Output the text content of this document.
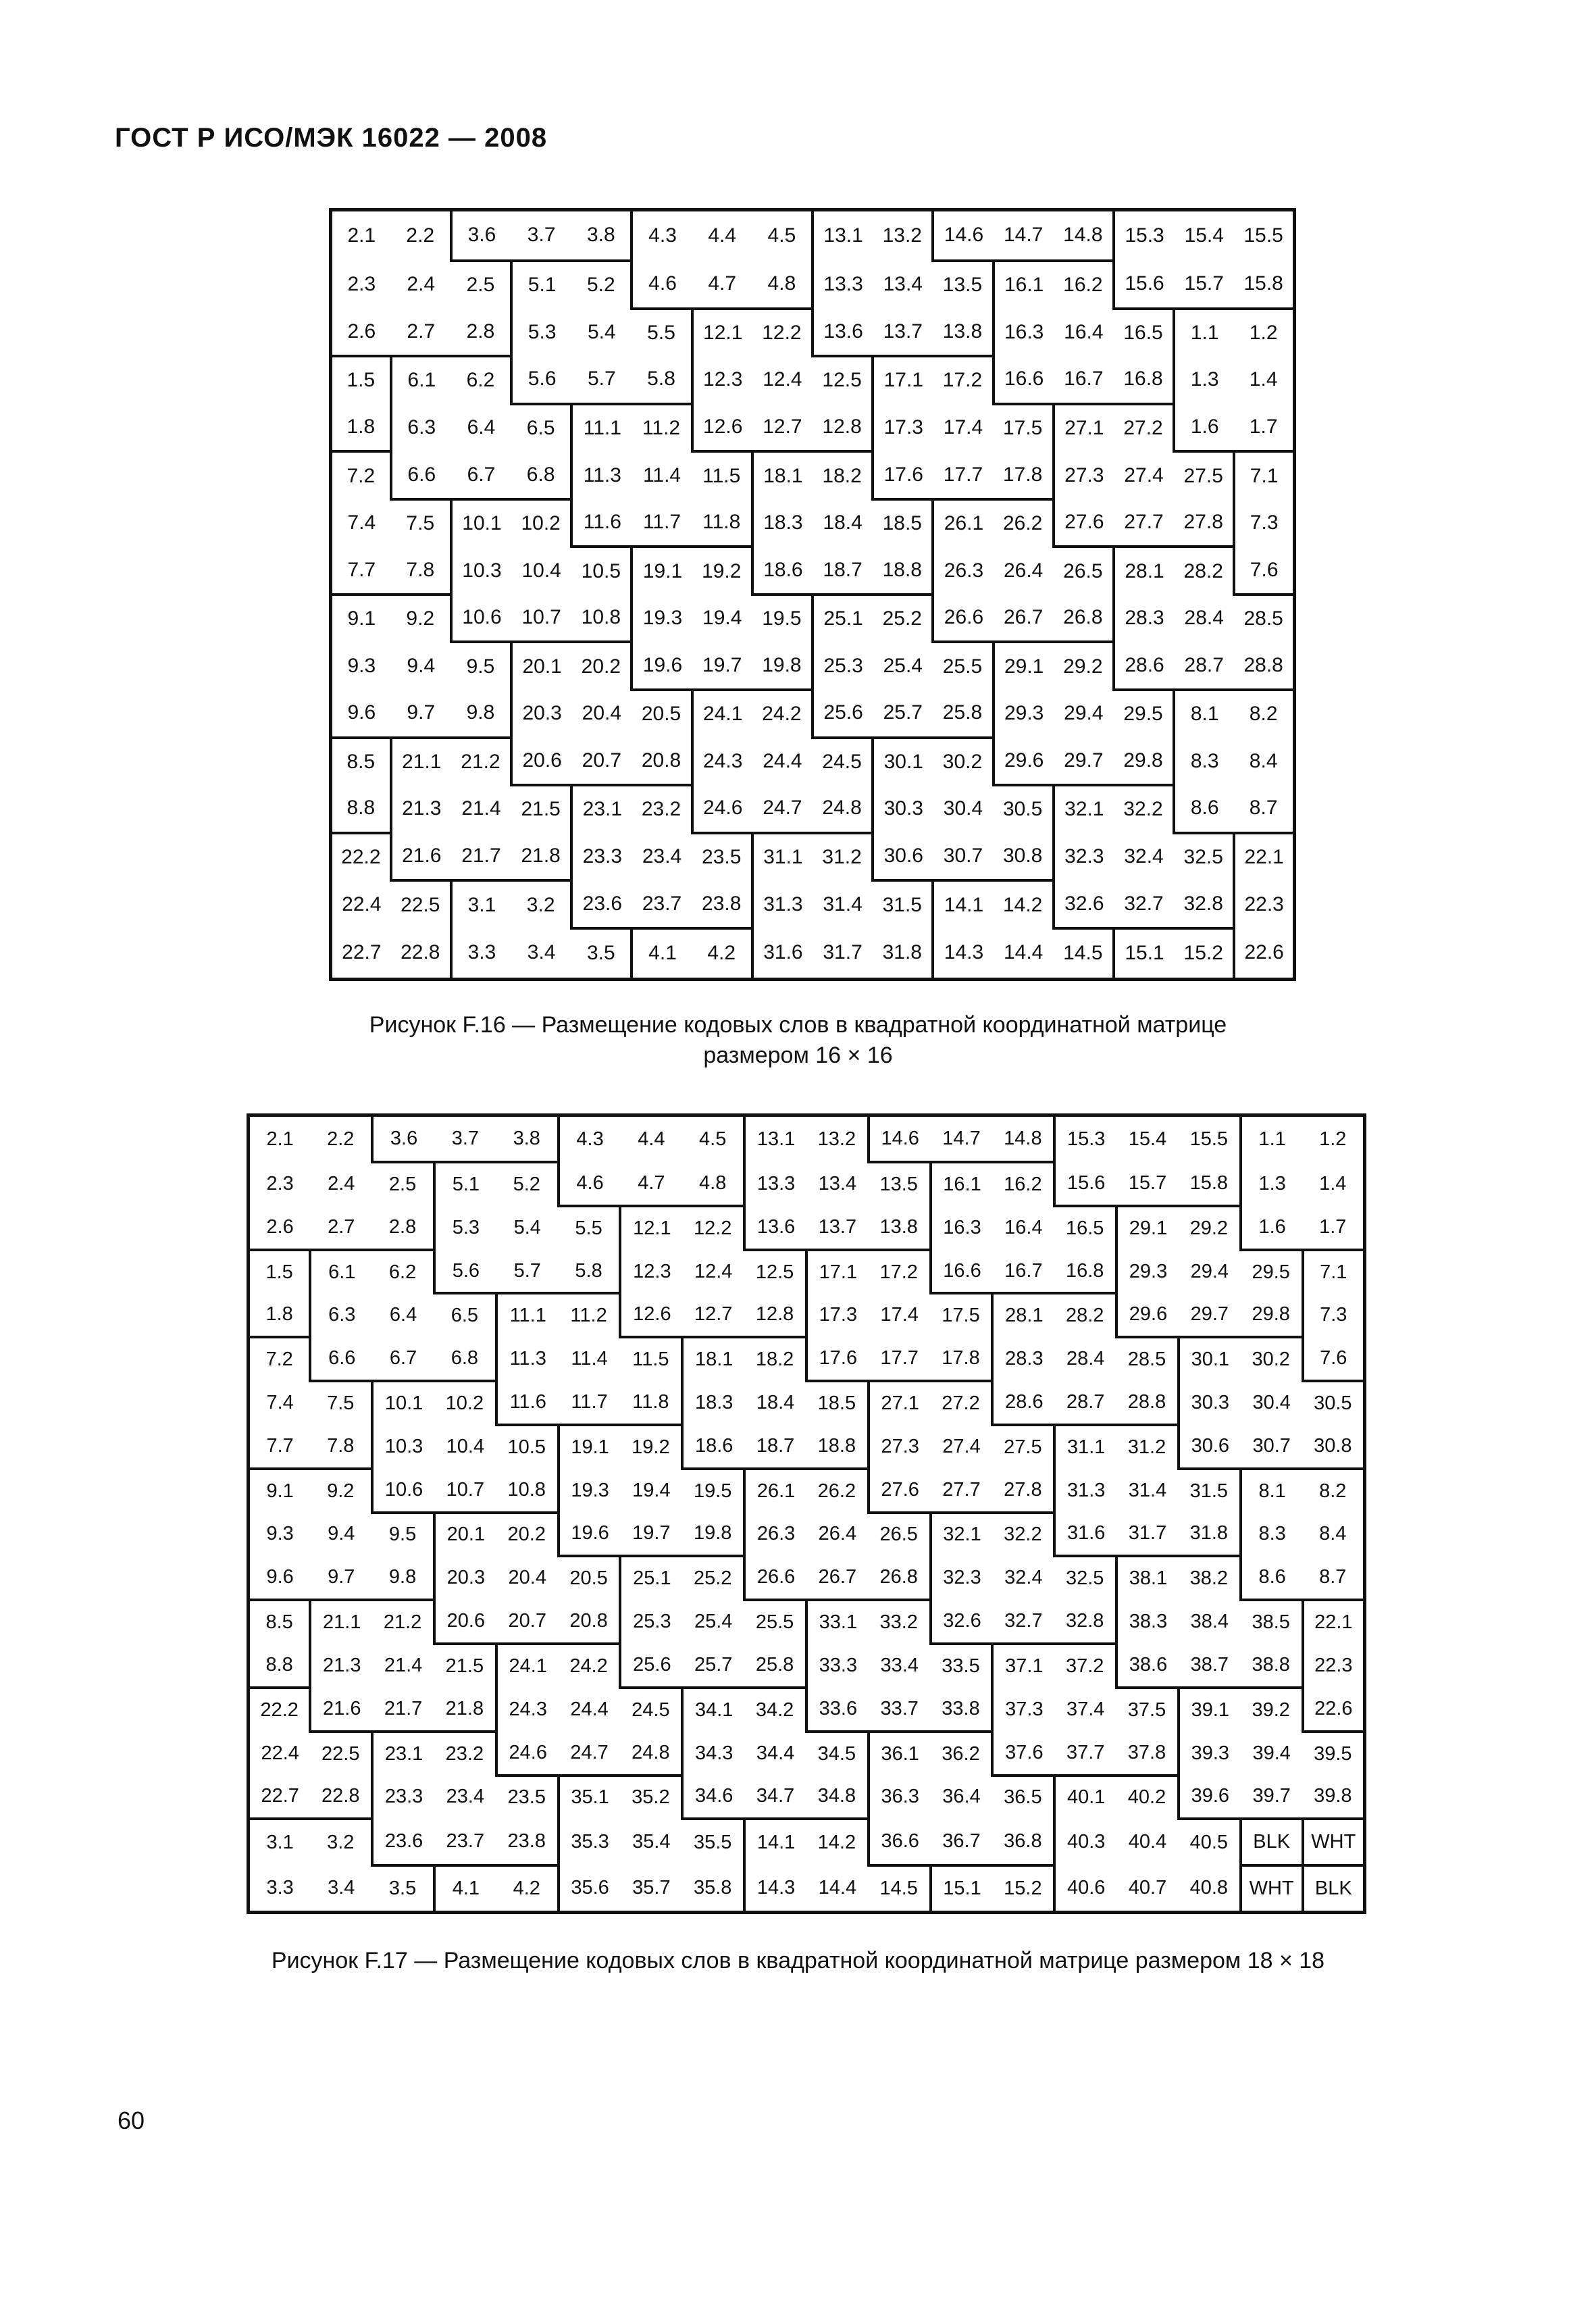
ГОСТ Р ИСО/МЭК 16022 — 2008
2.1	2.2	3.6	3.7	3.8	4.3	4.4	4.5	13.1	13.2	14.6	14.7	14.8	15.3	15.4	15.5
2.3	2.4	2.5	5.1	5.2	4.6	4.7	4.8	13.3	13.4	13.5	16.1	16.2	15.6	15.7	15.8
2.6	2.7	2.8	5.3	5.4	5.5	12.1	12.2	13.6	13.7	13.8	16.3	16.4	16.5	1.1	1.2
1.5	6.1	6.2	5.6	5.7	5.8	12.3	12.4	12.5	17.1	17.2	16.6	16.7	16.8	1.3	1.4
1.8	6.3	6.4	6.5	11.1	11.2	12.6	12.7	12.8	17.3	17.4	17.5	27.1	27.2	1.6	1.7
7.2	6.6	6.7	6.8	11.3	11.4	11.5	18.1	18.2	17.6	17.7	17.8	27.3	27.4	27.5	7.1
7.4	7.5	10.1	10.2	11.6	11.7	11.8	18.3	18.4	18.5	26.1	26.2	27.6	27.7	27.8	7.3
7.7	7.8	10.3	10.4	10.5	19.1	19.2	18.6	18.7	18.8	26.3	26.4	26.5	28.1	28.2	7.6
9.1	9.2	10.6	10.7	10.8	19.3	19.4	19.5	25.1	25.2	26.6	26.7	26.8	28.3	28.4	28.5
9.3	9.4	9.5	20.1	20.2	19.6	19.7	19.8	25.3	25.4	25.5	29.1	29.2	28.6	28.7	28.8
9.6	9.7	9.8	20.3	20.4	20.5	24.1	24.2	25.6	25.7	25.8	29.3	29.4	29.5	8.1	8.2
8.5	21.1	21.2	20.6	20.7	20.8	24.3	24.4	24.5	30.1	30.2	29.6	29.7	29.8	8.3	8.4
8.8	21.3	21.4	21.5	23.1	23.2	24.6	24.7	24.8	30.3	30.4	30.5	32.1	32.2	8.6	8.7
22.2	21.6	21.7	21.8	23.3	23.4	23.5	31.1	31.2	30.6	30.7	30.8	32.3	32.4	32.5	22.1
22.4	22.5	3.1	3.2	23.6	23.7	23.8	31.3	31.4	31.5	14.1	14.2	32.6	32.7	32.8	22.3
22.7	22.8	3.3	3.4	3.5	4.1	4.2	31.6	31.7	31.8	14.3	14.4	14.5	15.1	15.2	22.6
Рисунок F.16 — Размещение кодовых слов в квадратной координатной матрице
размером 16 × 16
2.1	2.2	3.6	3.7	3.8	4.3	4.4	4.5	13.1	13.2	14.6	14.7	14.8	15.3	15.4	15.5	1.1	1.2
2.3	2.4	2.5	5.1	5.2	4.6	4.7	4.8	13.3	13.4	13.5	16.1	16.2	15.6	15.7	15.8	1.3	1.4
2.6	2.7	2.8	5.3	5.4	5.5	12.1	12.2	13.6	13.7	13.8	16.3	16.4	16.5	29.1	29.2	1.6	1.7
1.5	6.1	6.2	5.6	5.7	5.8	12.3	12.4	12.5	17.1	17.2	16.6	16.7	16.8	29.3	29.4	29.5	7.1
1.8	6.3	6.4	6.5	11.1	11.2	12.6	12.7	12.8	17.3	17.4	17.5	28.1	28.2	29.6	29.7	29.8	7.3
7.2	6.6	6.7	6.8	11.3	11.4	11.5	18.1	18.2	17.6	17.7	17.8	28.3	28.4	28.5	30.1	30.2	7.6
7.4	7.5	10.1	10.2	11.6	11.7	11.8	18.3	18.4	18.5	27.1	27.2	28.6	28.7	28.8	30.3	30.4	30.5
7.7	7.8	10.3	10.4	10.5	19.1	19.2	18.6	18.7	18.8	27.3	27.4	27.5	31.1	31.2	30.6	30.7	30.8
9.1	9.2	10.6	10.7	10.8	19.3	19.4	19.5	26.1	26.2	27.6	27.7	27.8	31.3	31.4	31.5	8.1	8.2
9.3	9.4	9.5	20.1	20.2	19.6	19.7	19.8	26.3	26.4	26.5	32.1	32.2	31.6	31.7	31.8	8.3	8.4
9.6	9.7	9.8	20.3	20.4	20.5	25.1	25.2	26.6	26.7	26.8	32.3	32.4	32.5	38.1	38.2	8.6	8.7
8.5	21.1	21.2	20.6	20.7	20.8	25.3	25.4	25.5	33.1	33.2	32.6	32.7	32.8	38.3	38.4	38.5	22.1
8.8	21.3	21.4	21.5	24.1	24.2	25.6	25.7	25.8	33.3	33.4	33.5	37.1	37.2	38.6	38.7	38.8	22.3
22.2	21.6	21.7	21.8	24.3	24.4	24.5	34.1	34.2	33.6	33.7	33.8	37.3	37.4	37.5	39.1	39.2	22.6
22.4	22.5	23.1	23.2	24.6	24.7	24.8	34.3	34.4	34.5	36.1	36.2	37.6	37.7	37.8	39.3	39.4	39.5
22.7	22.8	23.3	23.4	23.5	35.1	35.2	34.6	34.7	34.8	36.3	36.4	36.5	40.1	40.2	39.6	39.7	39.8
3.1	3.2	23.6	23.7	23.8	35.3	35.4	35.5	14.1	14.2	36.6	36.7	36.8	40.3	40.4	40.5	BLK	WHT
3.3	3.4	3.5	4.1	4.2	35.6	35.7	35.8	14.3	14.4	14.5	15.1	15.2	40.6	40.7	40.8	WHT	BLK
Рисунок F.17 — Размещение кодовых слов в квадратной координатной матрице размером 18 × 18
60
